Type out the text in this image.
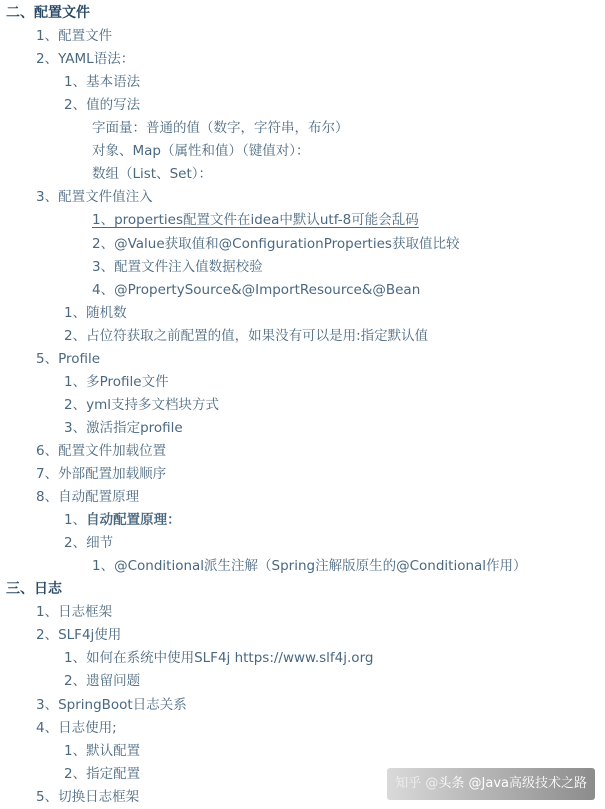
二、配置文件
1、配置文件
2、YAML语法：
1、基本语法
2、值的写法
字面量：普通的值（数字，字符串，布尔）
对象、Map（属性和值）（键值对）：
数组（List、Set）：
3、配置文件值注入
1、properties配置文件在idea中默认utf-8可能会乱码
2、@Value获取值和@ConfigurationProperties获取值比较
3、配置文件注入值数据校验
4、@PropertySource&@ImportResource&@Bean
1、随机数
2、占位符获取之前配置的值，如果没有可以是用:指定默认值
5、Profile
1、多Profile文件
2、yml支持多文档块方式
3、激活指定profile
6、配置文件加载位置
7、外部配置加载顺序
8、自动配置原理
1、自动配置原理：
2、细节
1、@Conditional派生注解（Spring注解版原生的@Conditional作用）
三、日志
1、日志框架
2、SLF4j使用
1、如何在系统中使用SLF4j https://www.slf4j.org
2、遗留问题
3、SpringBoot日志关系
4、日志使用;
1、默认配置
2、指定配置
5、切换日志框架
知乎 @头条 @Java高级技术之路
